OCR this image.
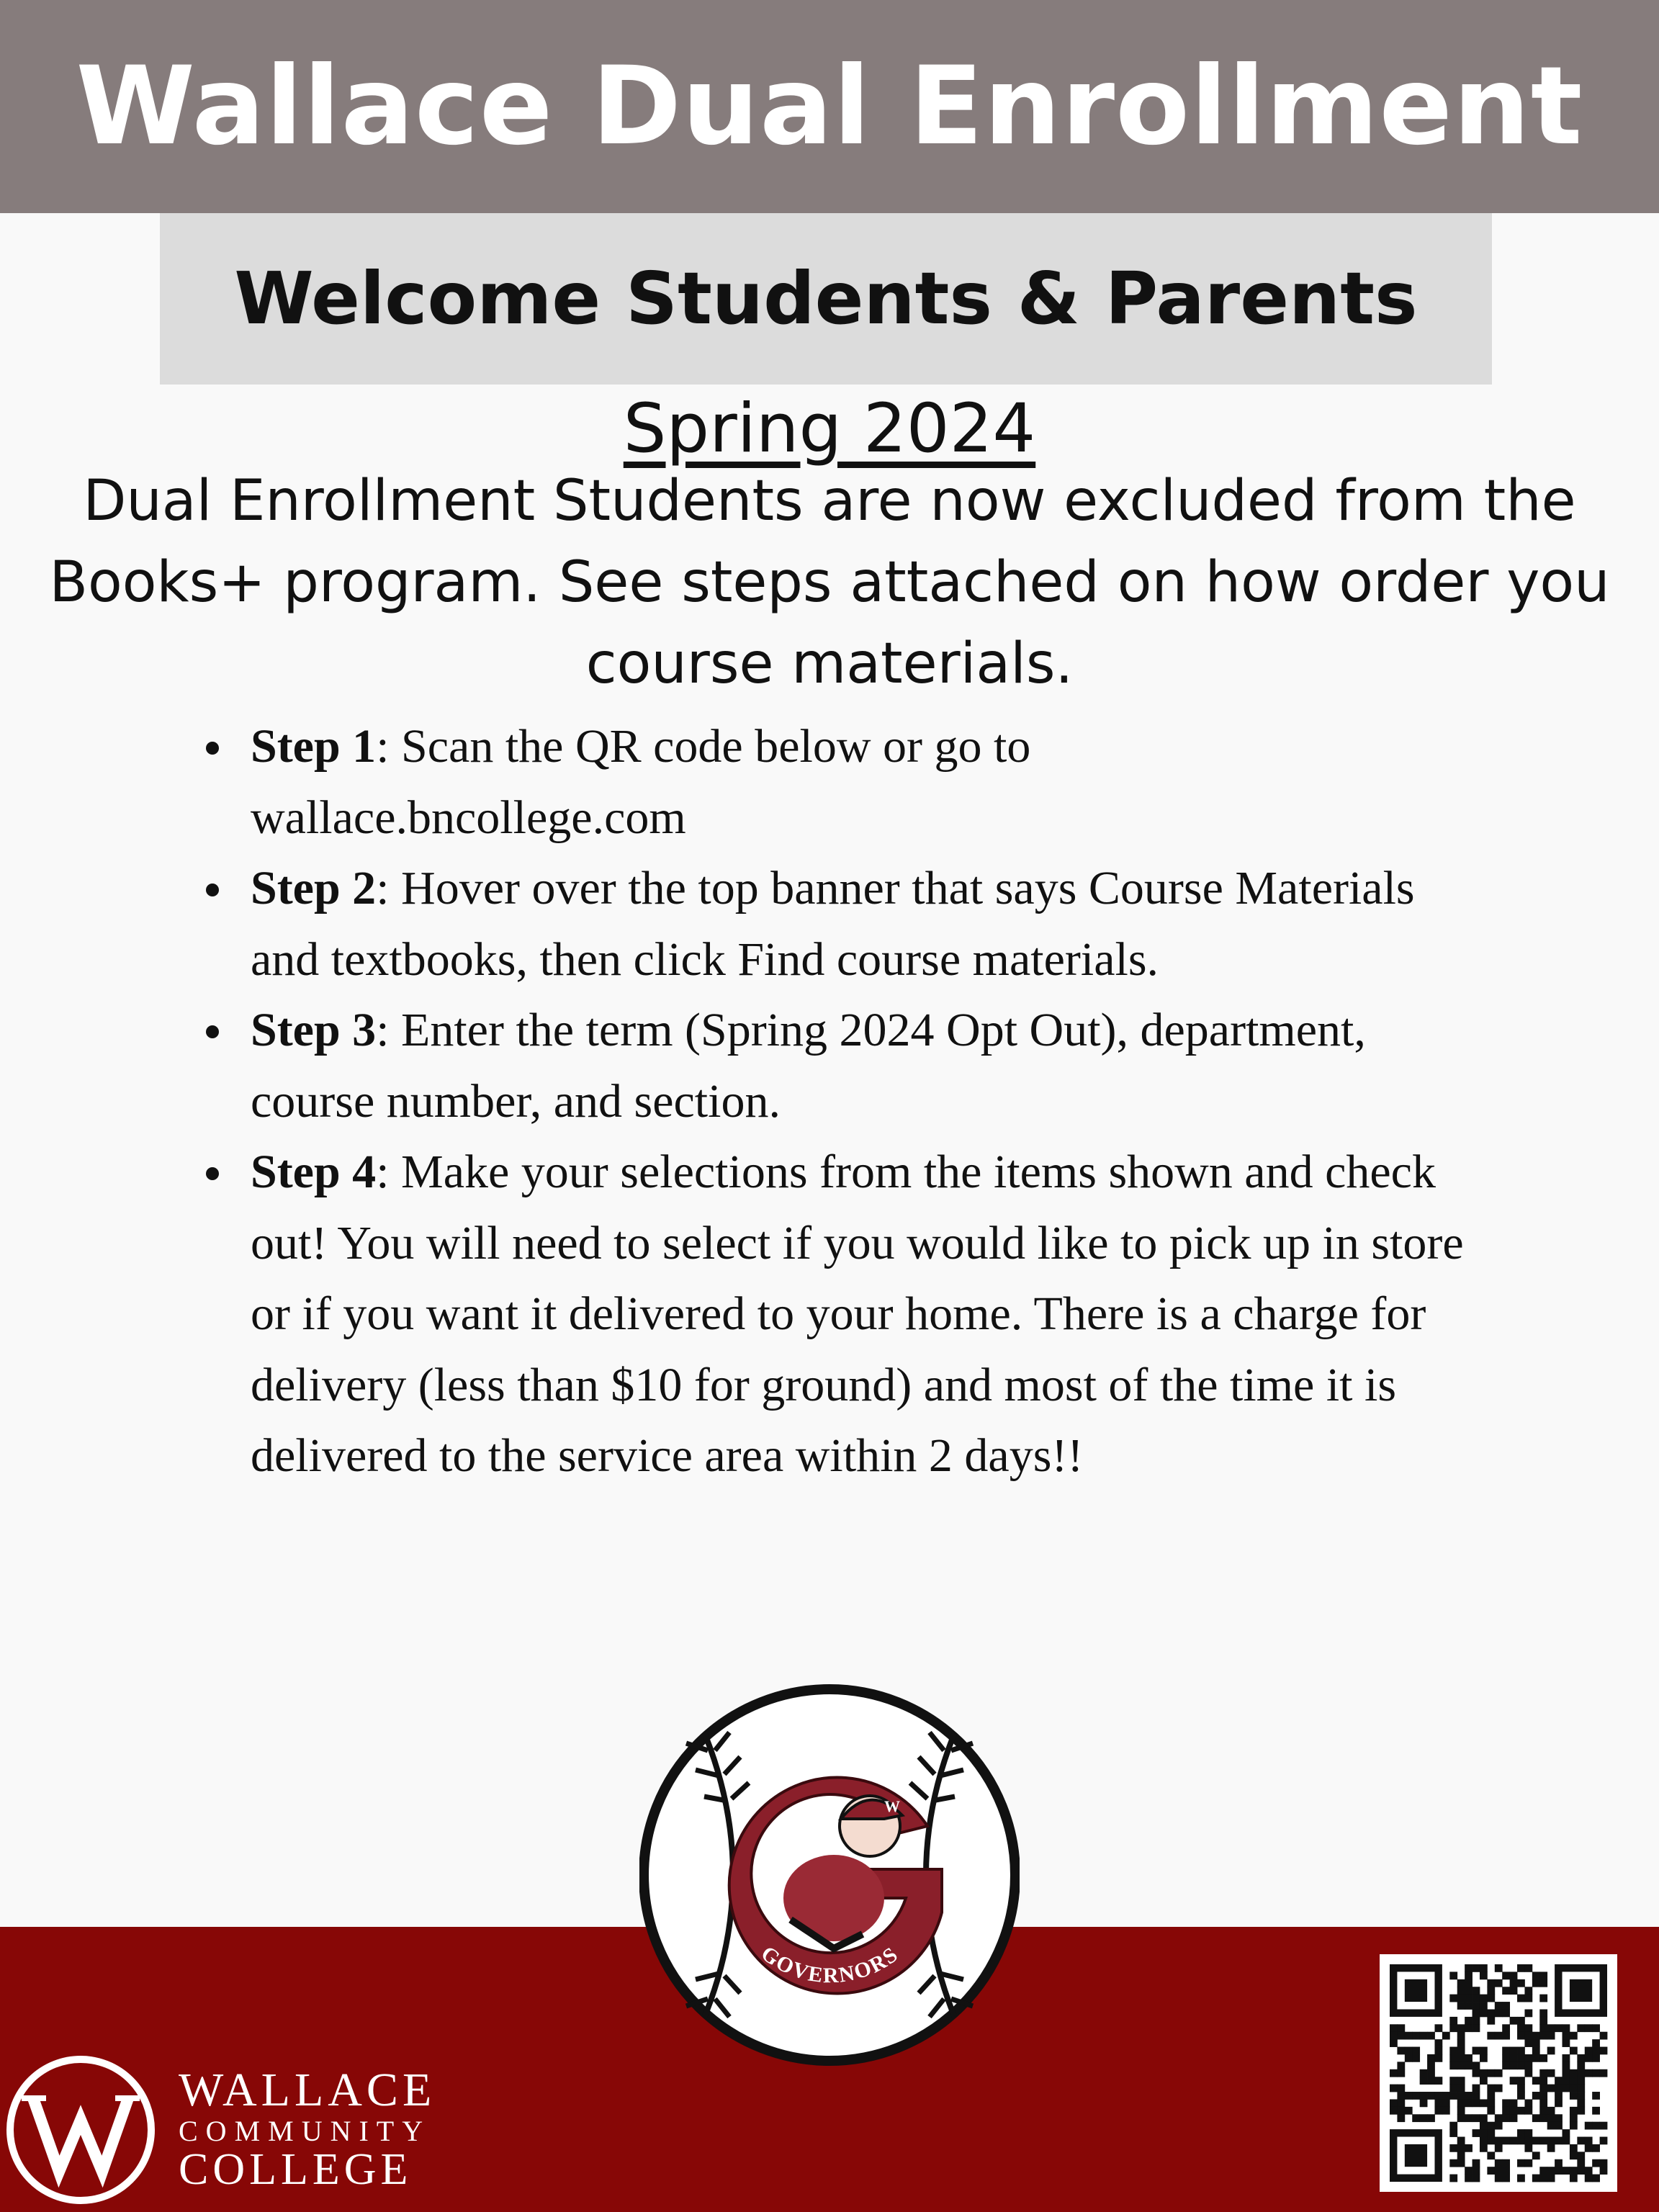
Wallace Dual Enrollment
Welcome Students & Parents
Spring 2024
Dual Enrollment Students are now excluded from the Books+ program. See steps attached on how order you course materials.
Step 1: Scan the QR code below or go to wallace.bncollege.com
Step 2: Hover over the top banner that says Course Materials and textbooks, then click Find course materials.
Step 3: Enter the term (Spring 2024 Opt Out), department, course number, and section.
Step 4: Make your selections from the items shown and check out! You will need to select if you would like to pick up in store or if you want it delivered to your home. There is a charge for delivery (less than $10 for ground) and most of the time it is delivered to the service area within 2 days!!
W
WALLACE
GOVERNORS
WALLACE
COMMUNITY
COLLEGE
